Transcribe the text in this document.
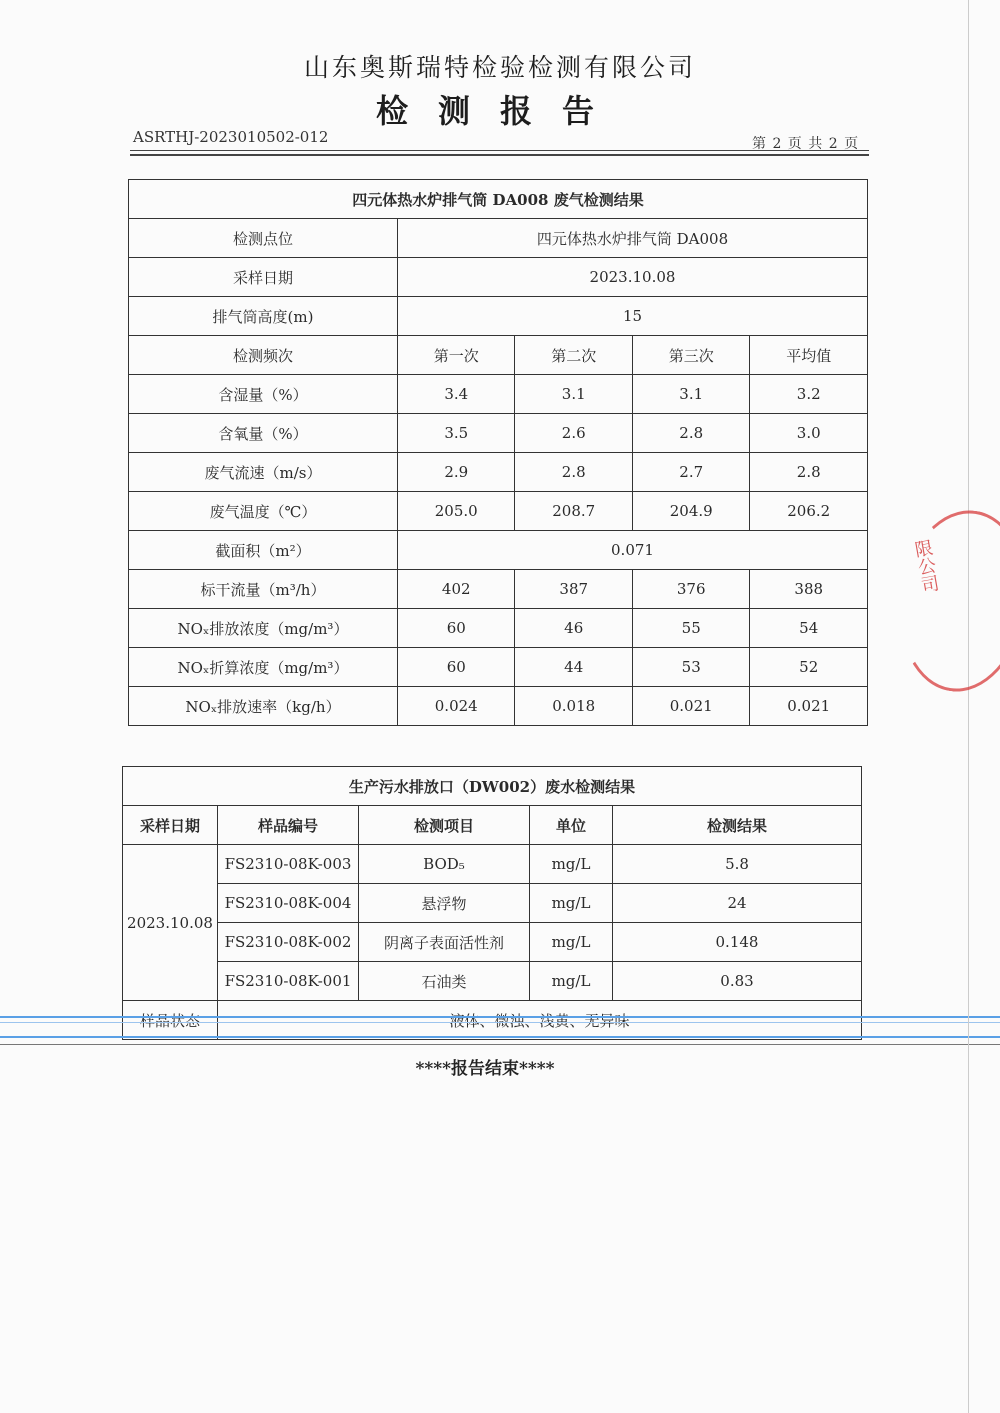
山东奥斯瑞特检验检测有限公司
检测报告
ASRTHJ-2023010502-012	第 2 页 共 2 页
四元体热水炉排气筒 DA008 废气检测结果				
检测点位	四元体热水炉排气筒 DA008			
采样日期	2023.10.08			
排气筒高度(m)	15			
检测频次	第一次	第二次	第三次	平均值
含湿量（%）	3.4	3.1	3.1	3.2
含氧量（%）	3.5	2.6	2.8	3.0
废气流速（m/s）	2.9	2.8	2.7	2.8
废气温度（℃）	205.0	208.7	204.9	206.2
截面积（m²）	0.071			
标干流量（m³/h）	402	387	376	388
NOₓ排放浓度（mg/m³）	60	46	55	54
NOₓ折算浓度（mg/m³）	60	44	53	52
NOₓ排放速率（kg/h）	0.024	0.018	0.021	0.021
生产污水排放口（DW002）废水检测结果				
采样日期	样品编号	检测项目	单位	检测结果
2023.10.08	FS2310-08K-003	BOD₅	mg/L	5.8
	FS2310-08K-004	悬浮物	mg/L	24
	FS2310-08K-002	阴离子表面活性剂	mg/L	0.148
	FS2310-08K-001	石油类	mg/L	0.83
样品状态	液体、微浊、浅黄、无异味			
****报告结束****
限公司
